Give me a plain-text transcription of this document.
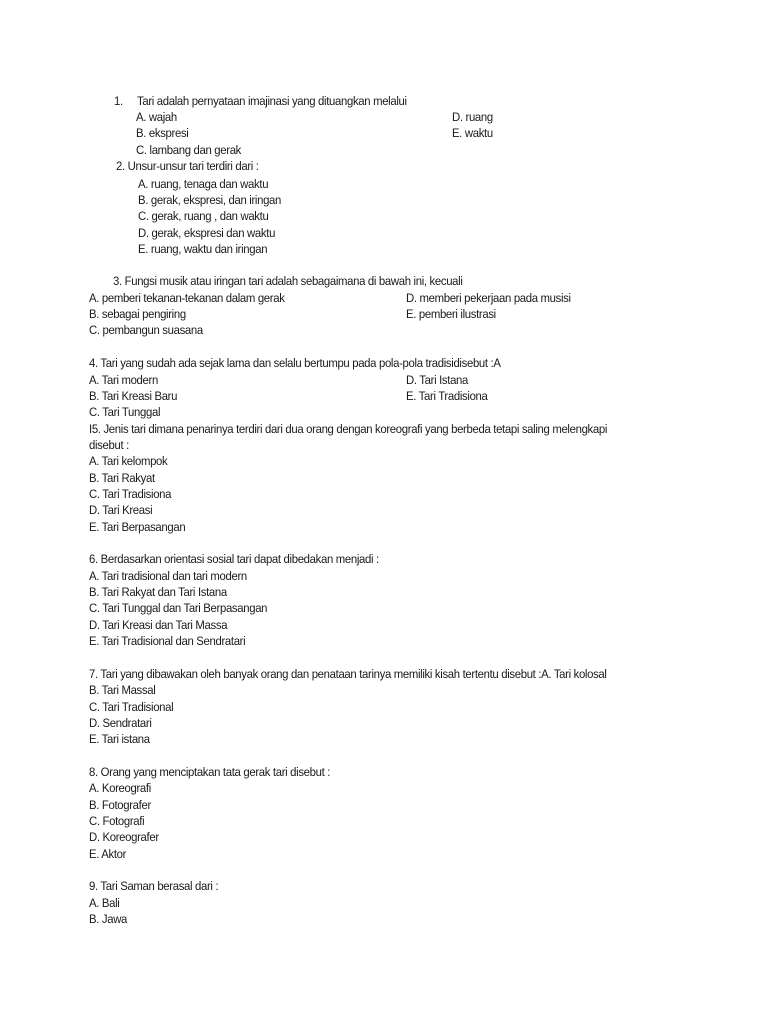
1. Tari adalah pernyataan imajinasi yang dituangkan melalui
A. wajah	D. ruang
B. ekspresi	E. waktu
C. lambang dan gerak
2. Unsur-unsur tari terdiri dari :
A. ruang, tenaga dan waktu
B. gerak, ekspresi, dan iringan
C. gerak, ruang , dan waktu
D. gerak, ekspresi dan waktu
E. ruang, waktu dan iringan
3. Fungsi musik atau iringan tari adalah sebagaimana di bawah ini, kecuali
A. pemberi tekanan-tekanan dalam gerak	D. memberi pekerjaan pada musisi
B. sebagai pengiring	E. pemberi ilustrasi
C. pembangun suasana
4. Tari yang sudah ada sejak lama dan selalu bertumpu pada pola-pola tradisidisebut :A
A. Tari modern	D. Tari Istana
B. Tari Kreasi Baru	E. Tari Tradisiona
C. Tari Tunggal
I5. Jenis tari dimana penarinya terdiri dari dua orang dengan koreografi yang berbeda tetapi saling melengkapi
disebut :
A. Tari kelompok
B. Tari Rakyat
C. Tari Tradisiona
D. Tari Kreasi
E. Tari Berpasangan
6. Berdasarkan orientasi sosial tari dapat dibedakan menjadi :
A. Tari tradisional dan tari modern
B. Tari Rakyat dan Tari Istana
C. Tari Tunggal dan Tari Berpasangan
D. Tari Kreasi dan Tari Massa
E. Tari Tradisional dan Sendratari
7. Tari yang dibawakan oleh banyak orang dan penataan tarinya memiliki kisah tertentu disebut :A. Tari kolosal
B. Tari Massal
C. Tari Tradisional
D. Sendratari
E. Tari istana
8. Orang yang menciptakan tata gerak tari disebut :
A. Koreografi
B. Fotografer
C. Fotografi
D. Koreografer
E. Aktor
9. Tari Saman berasal dari :
A. Bali
B. Jawa
